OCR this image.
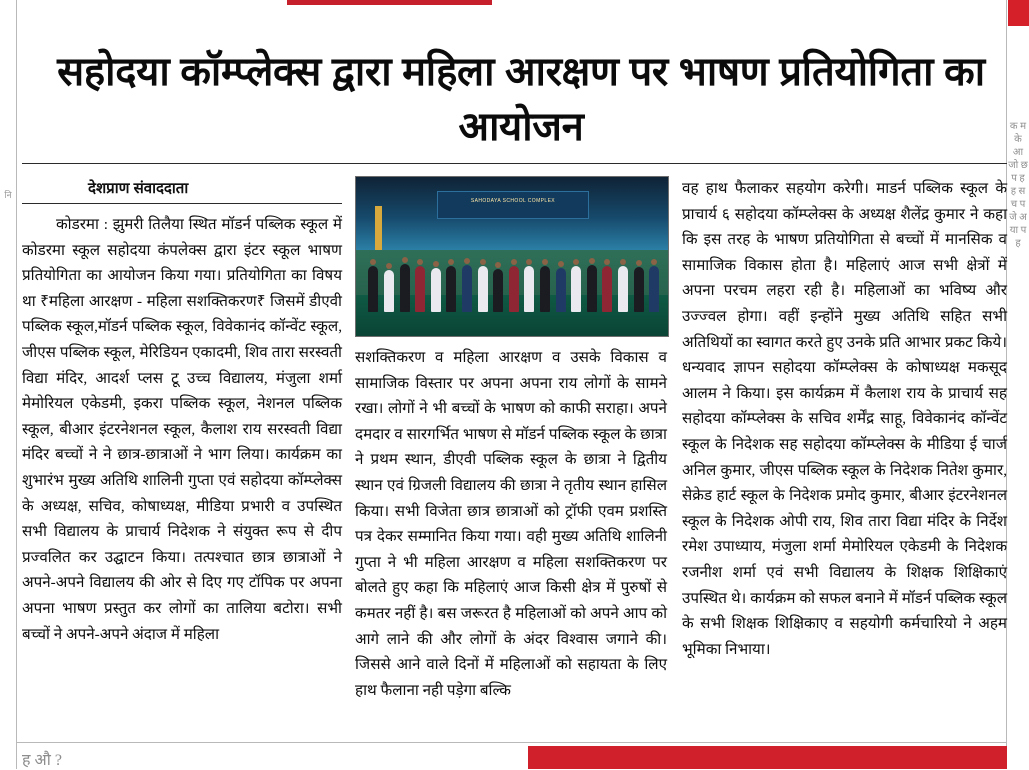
नि
क म के आ जो छ प ह ह स च प जे अ या प ह
सहोदया कॉम्प्लेक्स द्वारा महिला आरक्षण पर भाषण प्रतियोगिता का आयोजन
देशप्राण संवाददाता
SAHODAYA SCHOOL COMPLEX

कोडरमा : झुमरी तिलैया स्थित मॉडर्न पब्लिक स्कूल में कोडरमा स्कूल सहोदया कंपलेक्स द्वारा इंटर स्कूल भाषण प्रतियोगिता का आयोजन किया गया। प्रतियोगिता का विषय था ₹महिला आरक्षण - महिला सशक्तिकरण₹ जिसमें डीएवी पब्लिक स्कूल,मॉडर्न पब्लिक स्कूल, विवेकानंद कॉन्वेंट स्कूल, जीएस पब्लिक स्कूल, मेरिडियन एकादमी, शिव तारा सरस्वती विद्या मंदिर, आदर्श प्लस टू उच्च विद्यालय, मंजुला शर्मा मेमोरियल एकेडमी, इकरा पब्लिक स्कूल, नेशनल पब्लिक स्कूल, बीआर इंटरनेशनल स्कूल, कैलाश राय सरस्वती विद्या मंदिर बच्चों ने ने छात्र-छात्राओं ने भाग लिया। कार्यक्रम का शुभारंभ मुख्य अतिथि शालिनी गुप्ता एवं सहोदया कॉम्प्लेक्स के अध्यक्ष, सचिव, कोषाध्यक्ष, मीडिया प्रभारी व उपस्थित सभी विद्यालय के प्राचार्य निदेशक ने संयुक्त रूप से दीप प्रज्वलित कर उद्घाटन किया। तत्पश्चात छात्र छात्राओं ने अपने-अपने विद्यालय की ओर से दिए गए टॉपिक पर अपना अपना भाषण प्रस्तुत कर लोगों का तालिया बटोरा। सभी बच्चों ने अपने-अपने अंदाज में महिला

सशक्तिकरण व महिला आरक्षण व उसके विकास व सामाजिक विस्तार पर अपना अपना राय लोगों के सामने रखा। लोगों ने भी बच्चों के भाषण को काफी सराहा। अपने दमदार व सारगर्भित भाषण से मॉडर्न पब्लिक स्कूल के छात्रा ने प्रथम स्थान, डीएवी पब्लिक स्कूल के छात्रा ने द्वितीय स्थान एवं ग्रिजली विद्यालय की छात्रा ने तृतीय स्थान हासिल किया। सभी विजेता छात्र छात्राओं को ट्रॉफी एवम प्रशस्ति पत्र देकर सम्मानित किया गया। वही मुख्य अतिथि शालिनी गुप्ता ने भी महिला आरक्षण व महिला सशक्तिकरण पर बोलते हुए कहा कि महिलाएं आज किसी क्षेत्र में पुरुषों से कमतर नहीं है। बस जरूरत है महिलाओं को अपने आप को आगे लाने की और लोगों के अंदर विश्वास जगाने की। जिससे आने वाले दिनों में महिलाओं को सहायता के लिए हाथ फैलाना नही पड़ेगा बल्कि

वह हाथ फैलाकर सहयोग करेगी। माडर्न पब्लिक स्कूल के प्राचार्य ६ सहोदया कॉम्प्लेक्स के अध्यक्ष शैलेंद्र कुमार ने कहा कि इस तरह के भाषण प्रतियोगिता से बच्चों में मानसिक व सामाजिक विकास होता है। महिलाएं आज सभी क्षेत्रों में अपना परचम लहरा रही है। महिलाओं का भविष्य और उज्ज्वल होगा। वहीं इन्होंने मुख्य अतिथि सहित सभी अतिथियों का स्वागत करते हुए उनके प्रति आभार प्रकट किये। धन्यवाद ज्ञापन सहोदया कॉम्प्लेक्स के कोषाध्यक्ष मकसूद आलम ने किया। इस कार्यक्रम में कैलाश राय के प्राचार्य सह सहोदया कॉम्प्लेक्स के सचिव शर्मेंद्र साहू, विवेकानंद कॉन्वेंट स्कूल के निदेशक सह सहोदया कॉम्प्लेक्स के मीडिया ई चार्ज अनिल कुमार, जीएस पब्लिक स्कूल के निदेशक नितेश कुमार, सेक्रेड हार्ट स्कूल के निदेशक प्रमोद कुमार, बीआर इंटरनेशनल स्कूल के निदेशक ओपी राय, शिव तारा विद्या मंदिर के निर्देश रमेश उपाध्याय, मंजुला शर्मा मेमोरियल एकेडमी के निदेशक रजनीश शर्मा एवं सभी विद्यालय के शिक्षक शिक्षिकाएं उपस्थित थे। कार्यक्रम को सफल बनाने में मॉडर्न पब्लिक स्कूल के सभी शिक्षक शिक्षिकाए व सहयोगी कर्मचारियो ने अहम भूमिका निभाया।

ह औ ?
